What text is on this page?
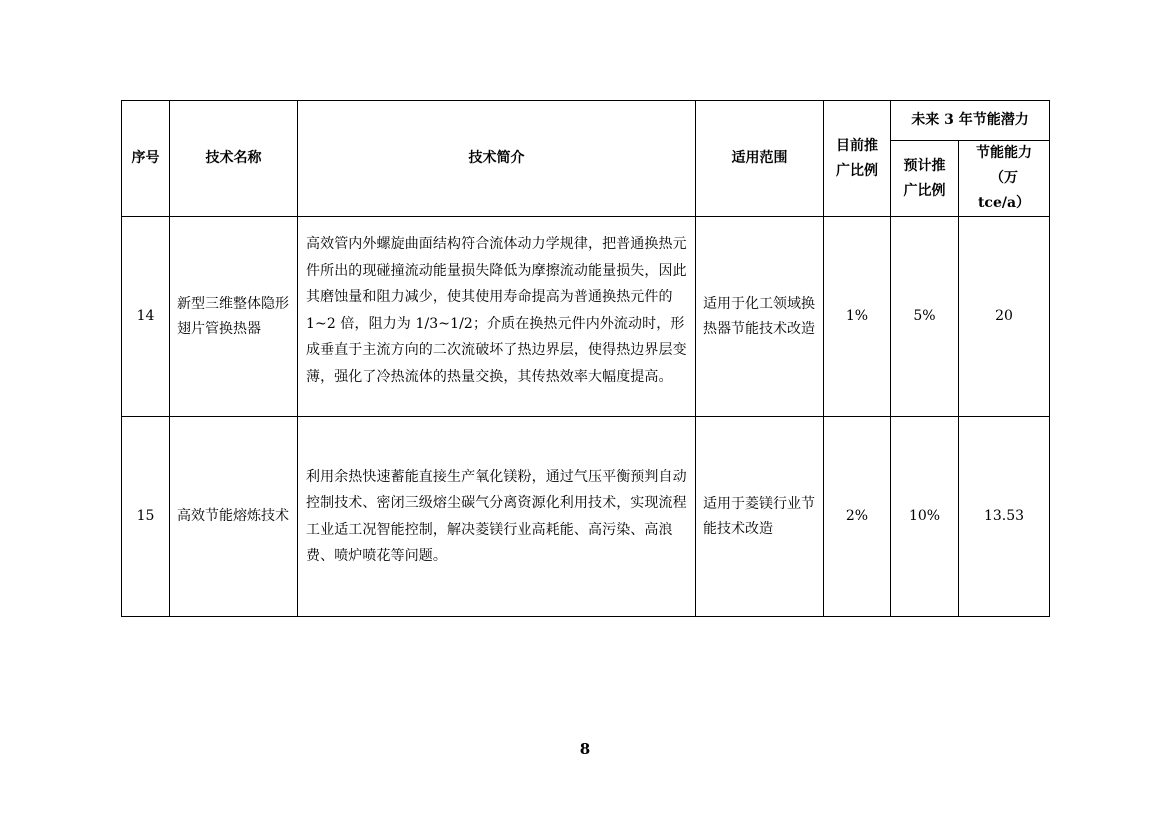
序号	技术名称	技术简介	适用范围	目前推广比例	未来 3 年节能潜力	
					预计推广比例	节能能力（万 tce/a）
14	新型三维整体隐形翅片管换热器	高效管内外螺旋曲面结构符合流体动力学规律，把普通换热元件所出的现碰撞流动能量损失降低为摩擦流动能量损失，因此其磨蚀量和阻力减少，使其使用寿命提高为普通换热元件的 1~2 倍，阻力为 1/3~1/2；介质在换热元件内外流动时，形成垂直于主流方向的二次流破坏了热边界层，使得热边界层变薄，强化了冷热流体的热量交换，其传热效率大幅度提高。	适用于化工领域换热器节能技术改造	1%	5%	20
15	高效节能熔炼技术	利用余热快速蓄能直接生产氧化镁粉，通过气压平衡预判自动控制技术、密闭三级熔尘碳气分离资源化利用技术，实现流程工业适工况智能控制，解决菱镁行业高耗能、高污染、高浪费、喷炉喷花等问题。	适用于菱镁行业节能技术改造	2%	10%	13.53
8
